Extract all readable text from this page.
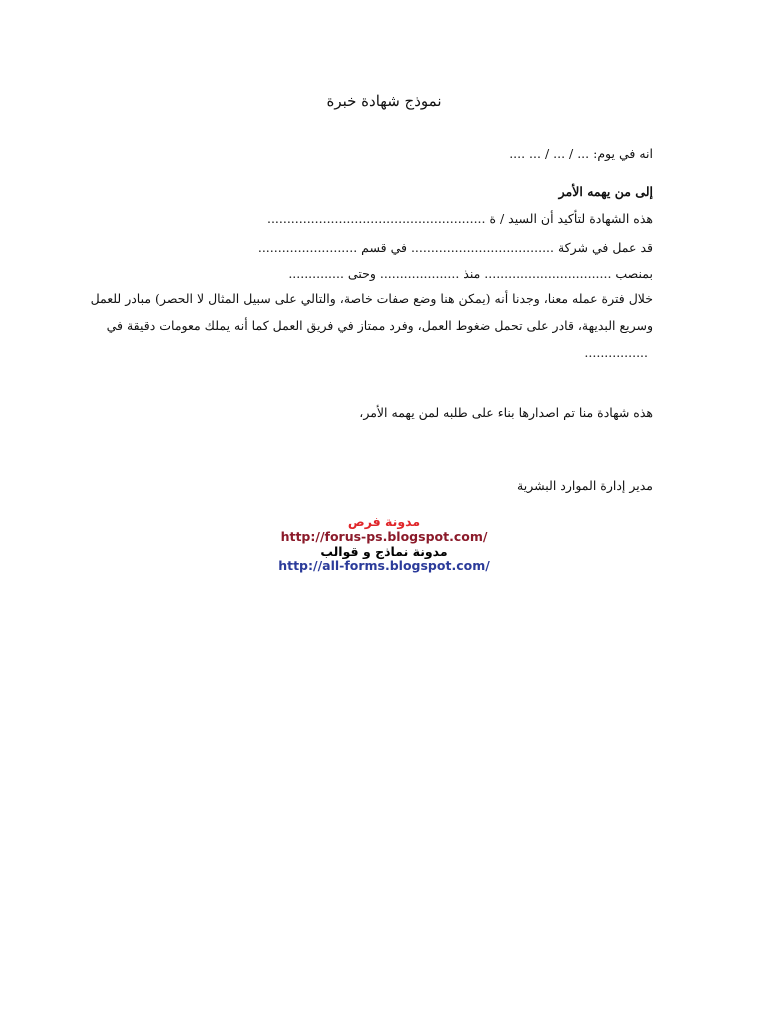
نموذج شهادة خبرة
انه في يوم: ... / ... / ... ....
إلى من يهمه الأمر
هذه الشهادة لتأكيد أن السيد / ة .......................................................
قد عمل في شركة .................................... في قسم .........................
بمنصب ................................ منذ .................... وحتى ..............
خلال فترة عمله معنا، وجدنا أنه (يمكن هنا وضع صفات خاصة، والتالي على سبيل المثال لا الحصر) مبادر للعمل
وسريع البديهة، قادر على تحمل ضغوط العمل، وفرد ممتاز في فريق العمل كما أنه يملك معومات دقيقة في
................
هذه شهادة منا تم اصدارها بناء على طلبه لمن يهمه الأمر،
مدير إدارة الموارد البشرية
مدونة فرص
http://forus-ps.blogspot.com/
مدونة نماذج و قوالب
http://all-forms.blogspot.com/
